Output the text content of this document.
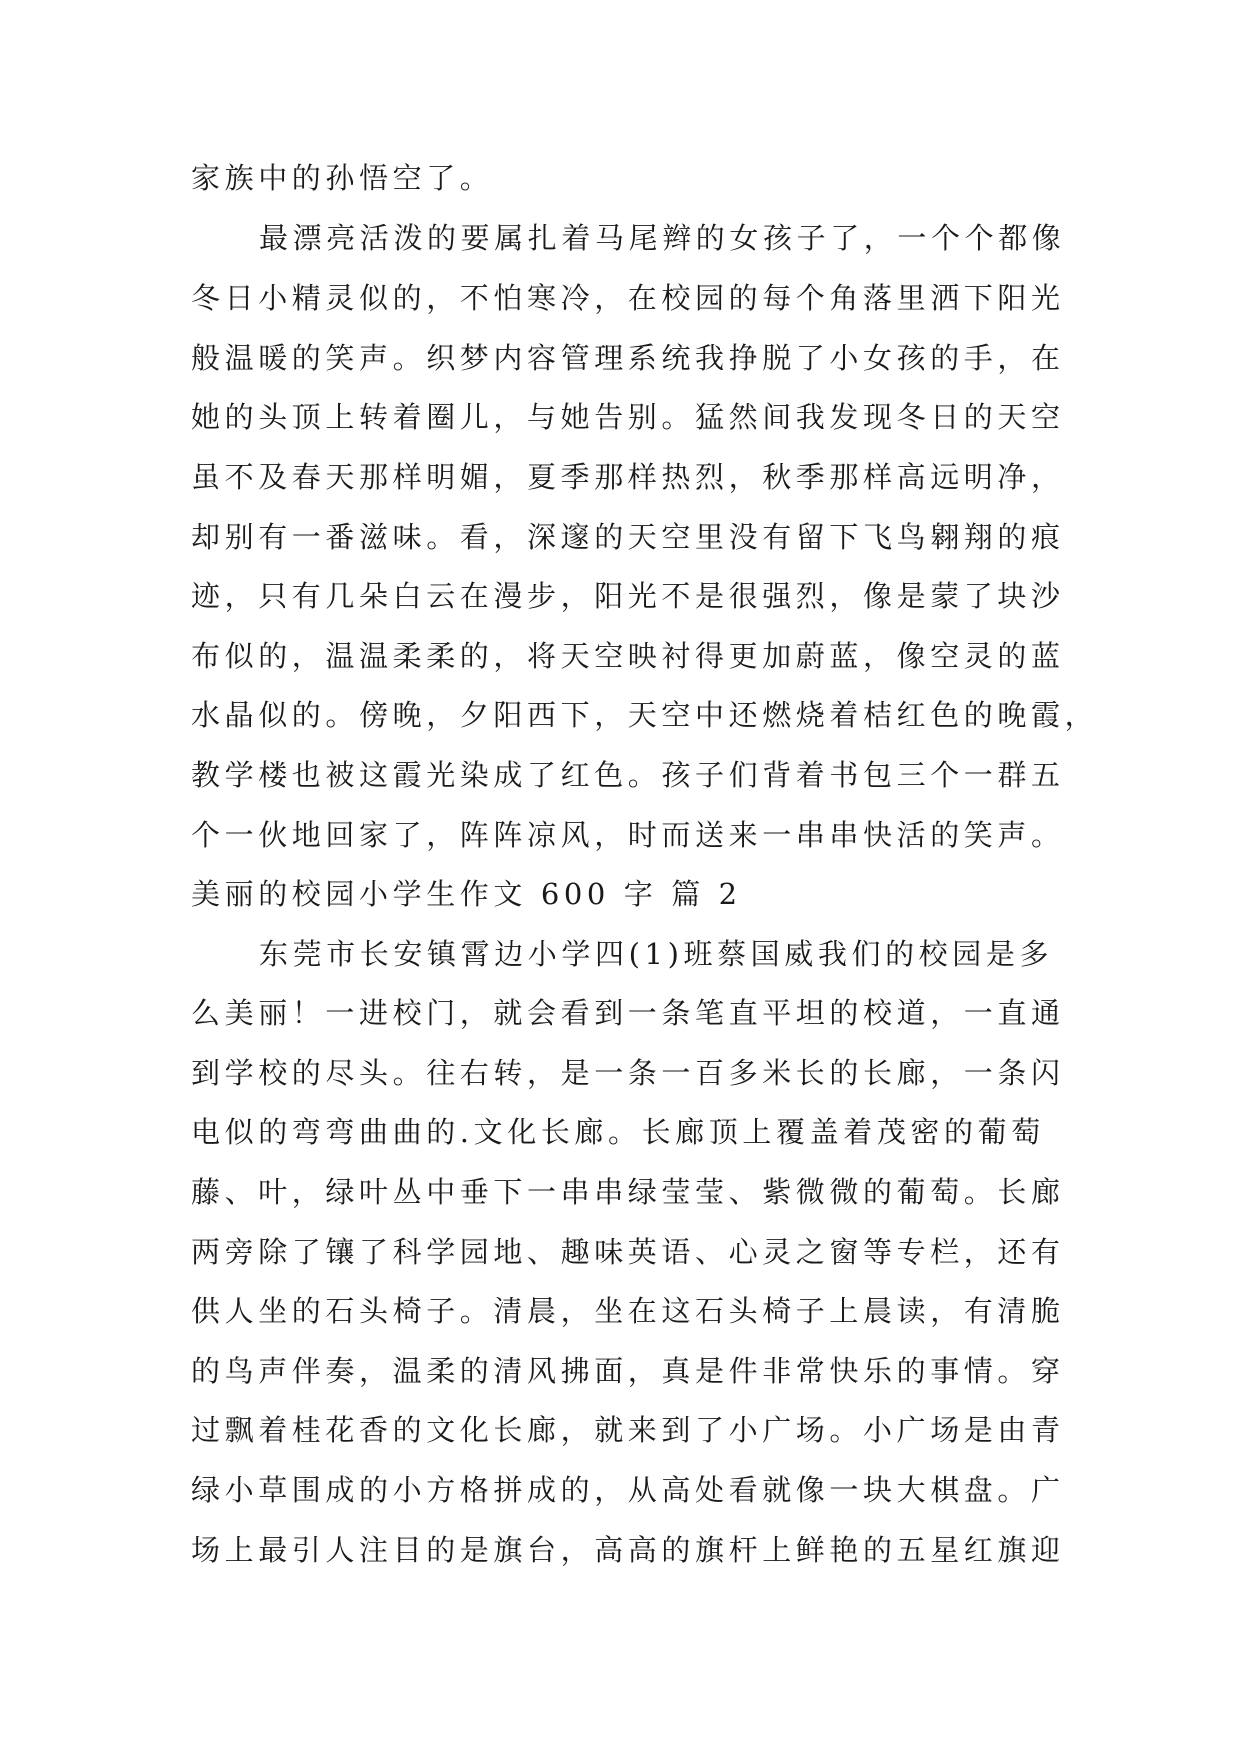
家族中的孙悟空了。
最漂亮活泼的要属扎着马尾辫的女孩子了，一个个都像
冬日小精灵似的，不怕寒冷，在校园的每个角落里洒下阳光
般温暖的笑声。织梦内容管理系统我挣脱了小女孩的手，在
她的头顶上转着圈儿，与她告别。猛然间我发现冬日的天空
虽不及春天那样明媚，夏季那样热烈，秋季那样高远明净，
却别有一番滋味。看，深邃的天空里没有留下飞鸟翱翔的痕
迹，只有几朵白云在漫步，阳光不是很强烈，像是蒙了块沙
布似的，温温柔柔的，将天空映衬得更加蔚蓝，像空灵的蓝
水晶似的。傍晚，夕阳西下，天空中还燃烧着桔红色的晚霞，
教学楼也被这霞光染成了红色。孩子们背着书包三个一群五
个一伙地回家了，阵阵凉风，时而送来一串串快活的笑声。
美丽的校园小学生作文 600 字 篇 2
东莞市长安镇霄边小学四(1)班蔡国威我们的校园是多
么美丽！一进校门，就会看到一条笔直平坦的校道，一直通
到学校的尽头。往右转，是一条一百多米长的长廊，一条闪
电似的弯弯曲曲的.文化长廊。长廊顶上覆盖着茂密的葡萄
藤、叶，绿叶丛中垂下一串串绿莹莹、紫微微的葡萄。长廊
两旁除了镶了科学园地、趣味英语、心灵之窗等专栏，还有
供人坐的石头椅子。清晨，坐在这石头椅子上晨读，有清脆
的鸟声伴奏，温柔的清风拂面，真是件非常快乐的事情。穿
过飘着桂花香的文化长廊，就来到了小广场。小广场是由青
绿小草围成的小方格拼成的，从高处看就像一块大棋盘。广
场上最引人注目的是旗台，高高的旗杆上鲜艳的五星红旗迎
